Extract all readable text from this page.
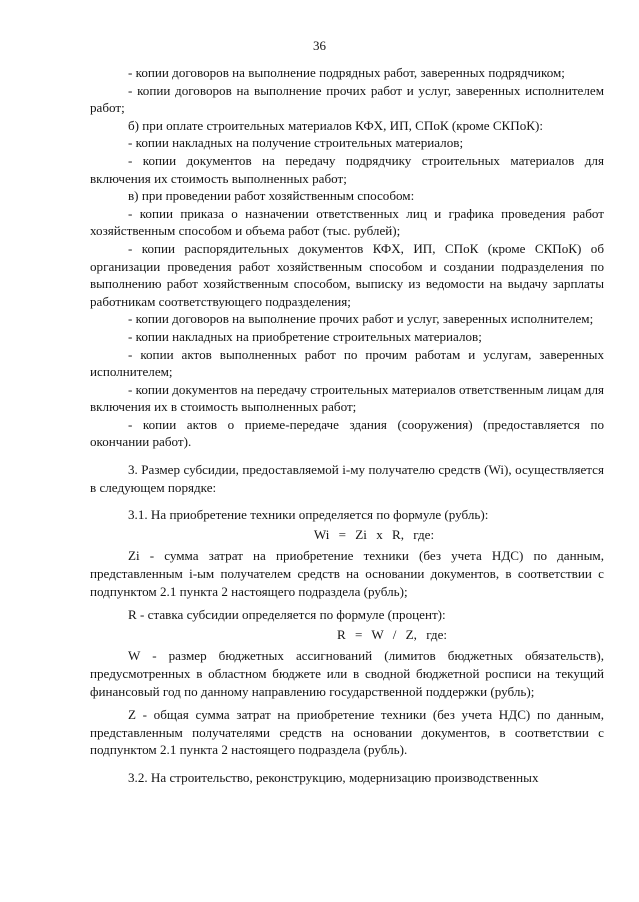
36

- копии договоров на выполнение подрядных работ, заверенных подрядчиком;

- копии договоров на выполнение прочих работ и услуг, заверенных исполнителем работ;

б) при оплате строительных материалов КФХ, ИП, СПоК (кроме СКПоК):

- копии накладных на получение строительных материалов;

- копии документов на передачу подрядчику строительных материалов для включения их стоимость выполненных работ;

в) при проведении работ хозяйственным способом:

- копии приказа о назначении ответственных лиц и графика проведения работ хозяйственным способом и объема работ (тыс. рублей);

- копии распорядительных документов КФХ, ИП, СПоК (кроме СКПоК) об организации проведения работ хозяйственным способом и создании подразделения по выполнению работ хозяйственным способом, выписку из ведомости на выдачу зарплаты работникам соответствующего подразделения;

- копии договоров на выполнение прочих работ и услуг, заверенных исполнителем;

- копии накладных на приобретение строительных материалов;

- копии актов выполненных работ по прочим работам и услугам, заверенных исполнителем;

- копии документов на передачу строительных материалов ответственным лицам для включения их в стоимость выполненных работ;

- копии актов о приеме-передаче здания (сооружения) (предоставляется по окончании работ).

3. Размер субсидии, предоставляемой i-му получателю средств (Wi), осуществляется в следующем порядке:

3.1. На приобретение техники определяется по формуле (рубль):

Wi = Zi x R, где:

Zi - сумма затрат на приобретение техники (без учета НДС) по данным, представленным i-ым получателем средств на основании документов, в соответствии с подпунктом 2.1 пункта 2 настоящего подраздела (рубль);

R - ставка субсидии определяется по формуле (процент):

R = W / Z, где:

W - размер бюджетных ассигнований (лимитов бюджетных обязательств), предусмотренных в областном бюджете или в сводной бюджетной росписи на текущий финансовый год по данному направлению государственной поддержки (рубль);

Z - общая сумма затрат на приобретение техники (без учета НДС) по данным, представленным получателями средств на основании документов, в соответствии с подпунктом 2.1 пункта 2 настоящего подраздела (рубль).

3.2. На строительство, реконструкцию, модернизацию производственных
